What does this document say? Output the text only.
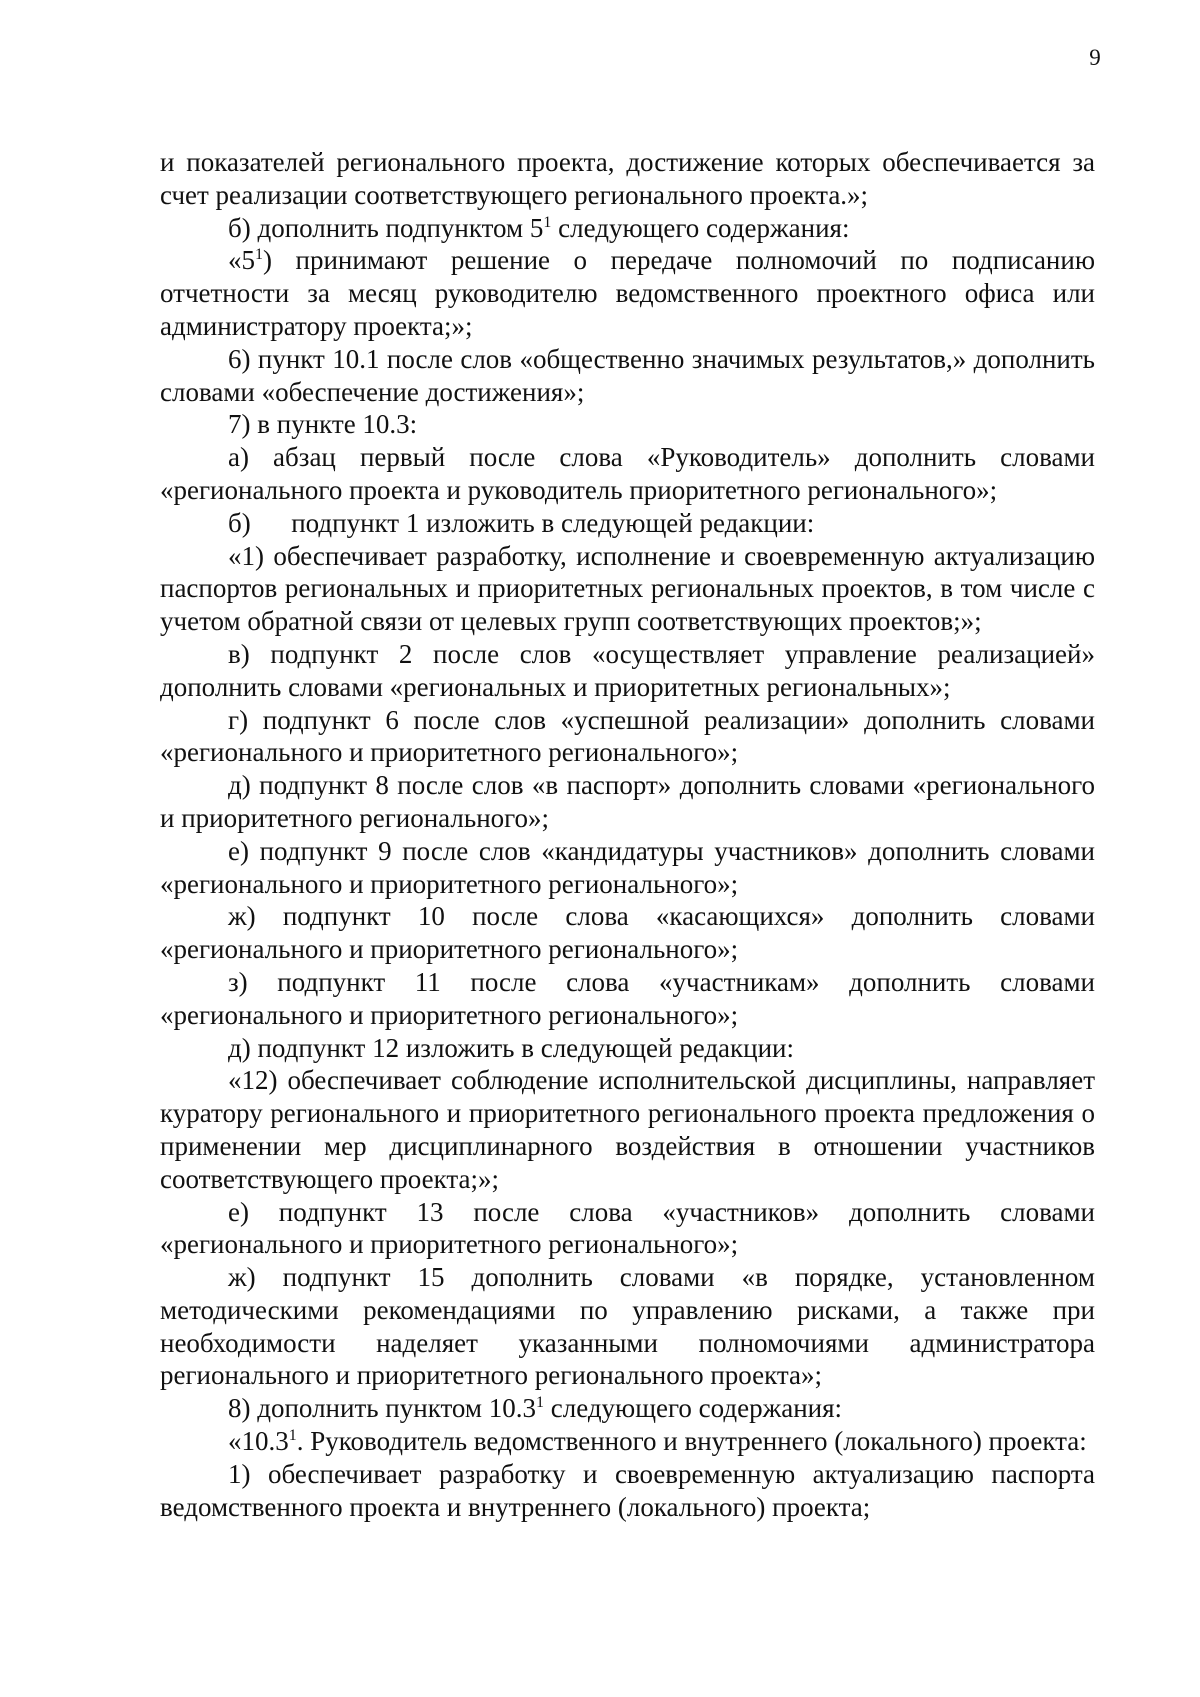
9

и показателей регионального проекта, достижение которых обеспечивается за счет реализации соответствующего регионального проекта.»;

б) дополнить подпунктом $5^1$ следующего содержания:

«$5^1$) принимают решение о передаче полномочий по подписанию отчетности за месяц руководителю ведомственного проектного офиса или администратору проекта;»;

6) пункт 10.1 после слов «общественно значимых результатов,» дополнить словами «обеспечение достижения»;

7) в пункте 10.3:

а) абзац первый после слова «Руководитель» дополнить словами «регионального проекта и руководитель приоритетного регионального»;

б)      подпункт 1 изложить в следующей редакции:

«1) обеспечивает разработку, исполнение и своевременную актуализацию паспортов региональных и приоритетных региональных проектов, в том числе с учетом обратной связи от целевых групп соответствующих проектов;»;

в) подпункт 2 после слов «осуществляет управление реализацией» дополнить словами «региональных и приоритетных региональных»;

г) подпункт 6 после слов «успешной реализации» дополнить словами «регионального и приоритетного регионального»;

д) подпункт 8 после слов «в паспорт» дополнить словами «регионального и приоритетного регионального»;

е) подпункт 9 после слов «кандидатуры участников» дополнить словами «регионального и приоритетного регионального»;

ж) подпункт 10 после слова «касающихся» дополнить словами «регионального и приоритетного регионального»;

з) подпункт 11 после слова «участникам» дополнить словами «регионального и приоритетного регионального»;

д) подпункт 12 изложить в следующей редакции:

«12) обеспечивает соблюдение исполнительской дисциплины, направляет куратору регионального и приоритетного регионального проекта предложения о применении мер дисциплинарного воздействия в отношении участников соответствующего проекта;»;

е) подпункт 13 после слова «участников» дополнить словами «регионального и приоритетного регионального»;

ж) подпункт 15 дополнить словами «в порядке, установленном методическими рекомендациями по управлению рисками, а также при необходимости наделяет указанными полномочиями администратора регионального и приоритетного регионального проекта»;

8) дополнить пунктом 10.3$^1$ следующего содержания:

«10.3$^1$. Руководитель ведомственного и внутреннего (локального) проекта:

1) обеспечивает разработку и своевременную актуализацию паспорта ведомственного проекта и внутреннего (локального) проекта;
